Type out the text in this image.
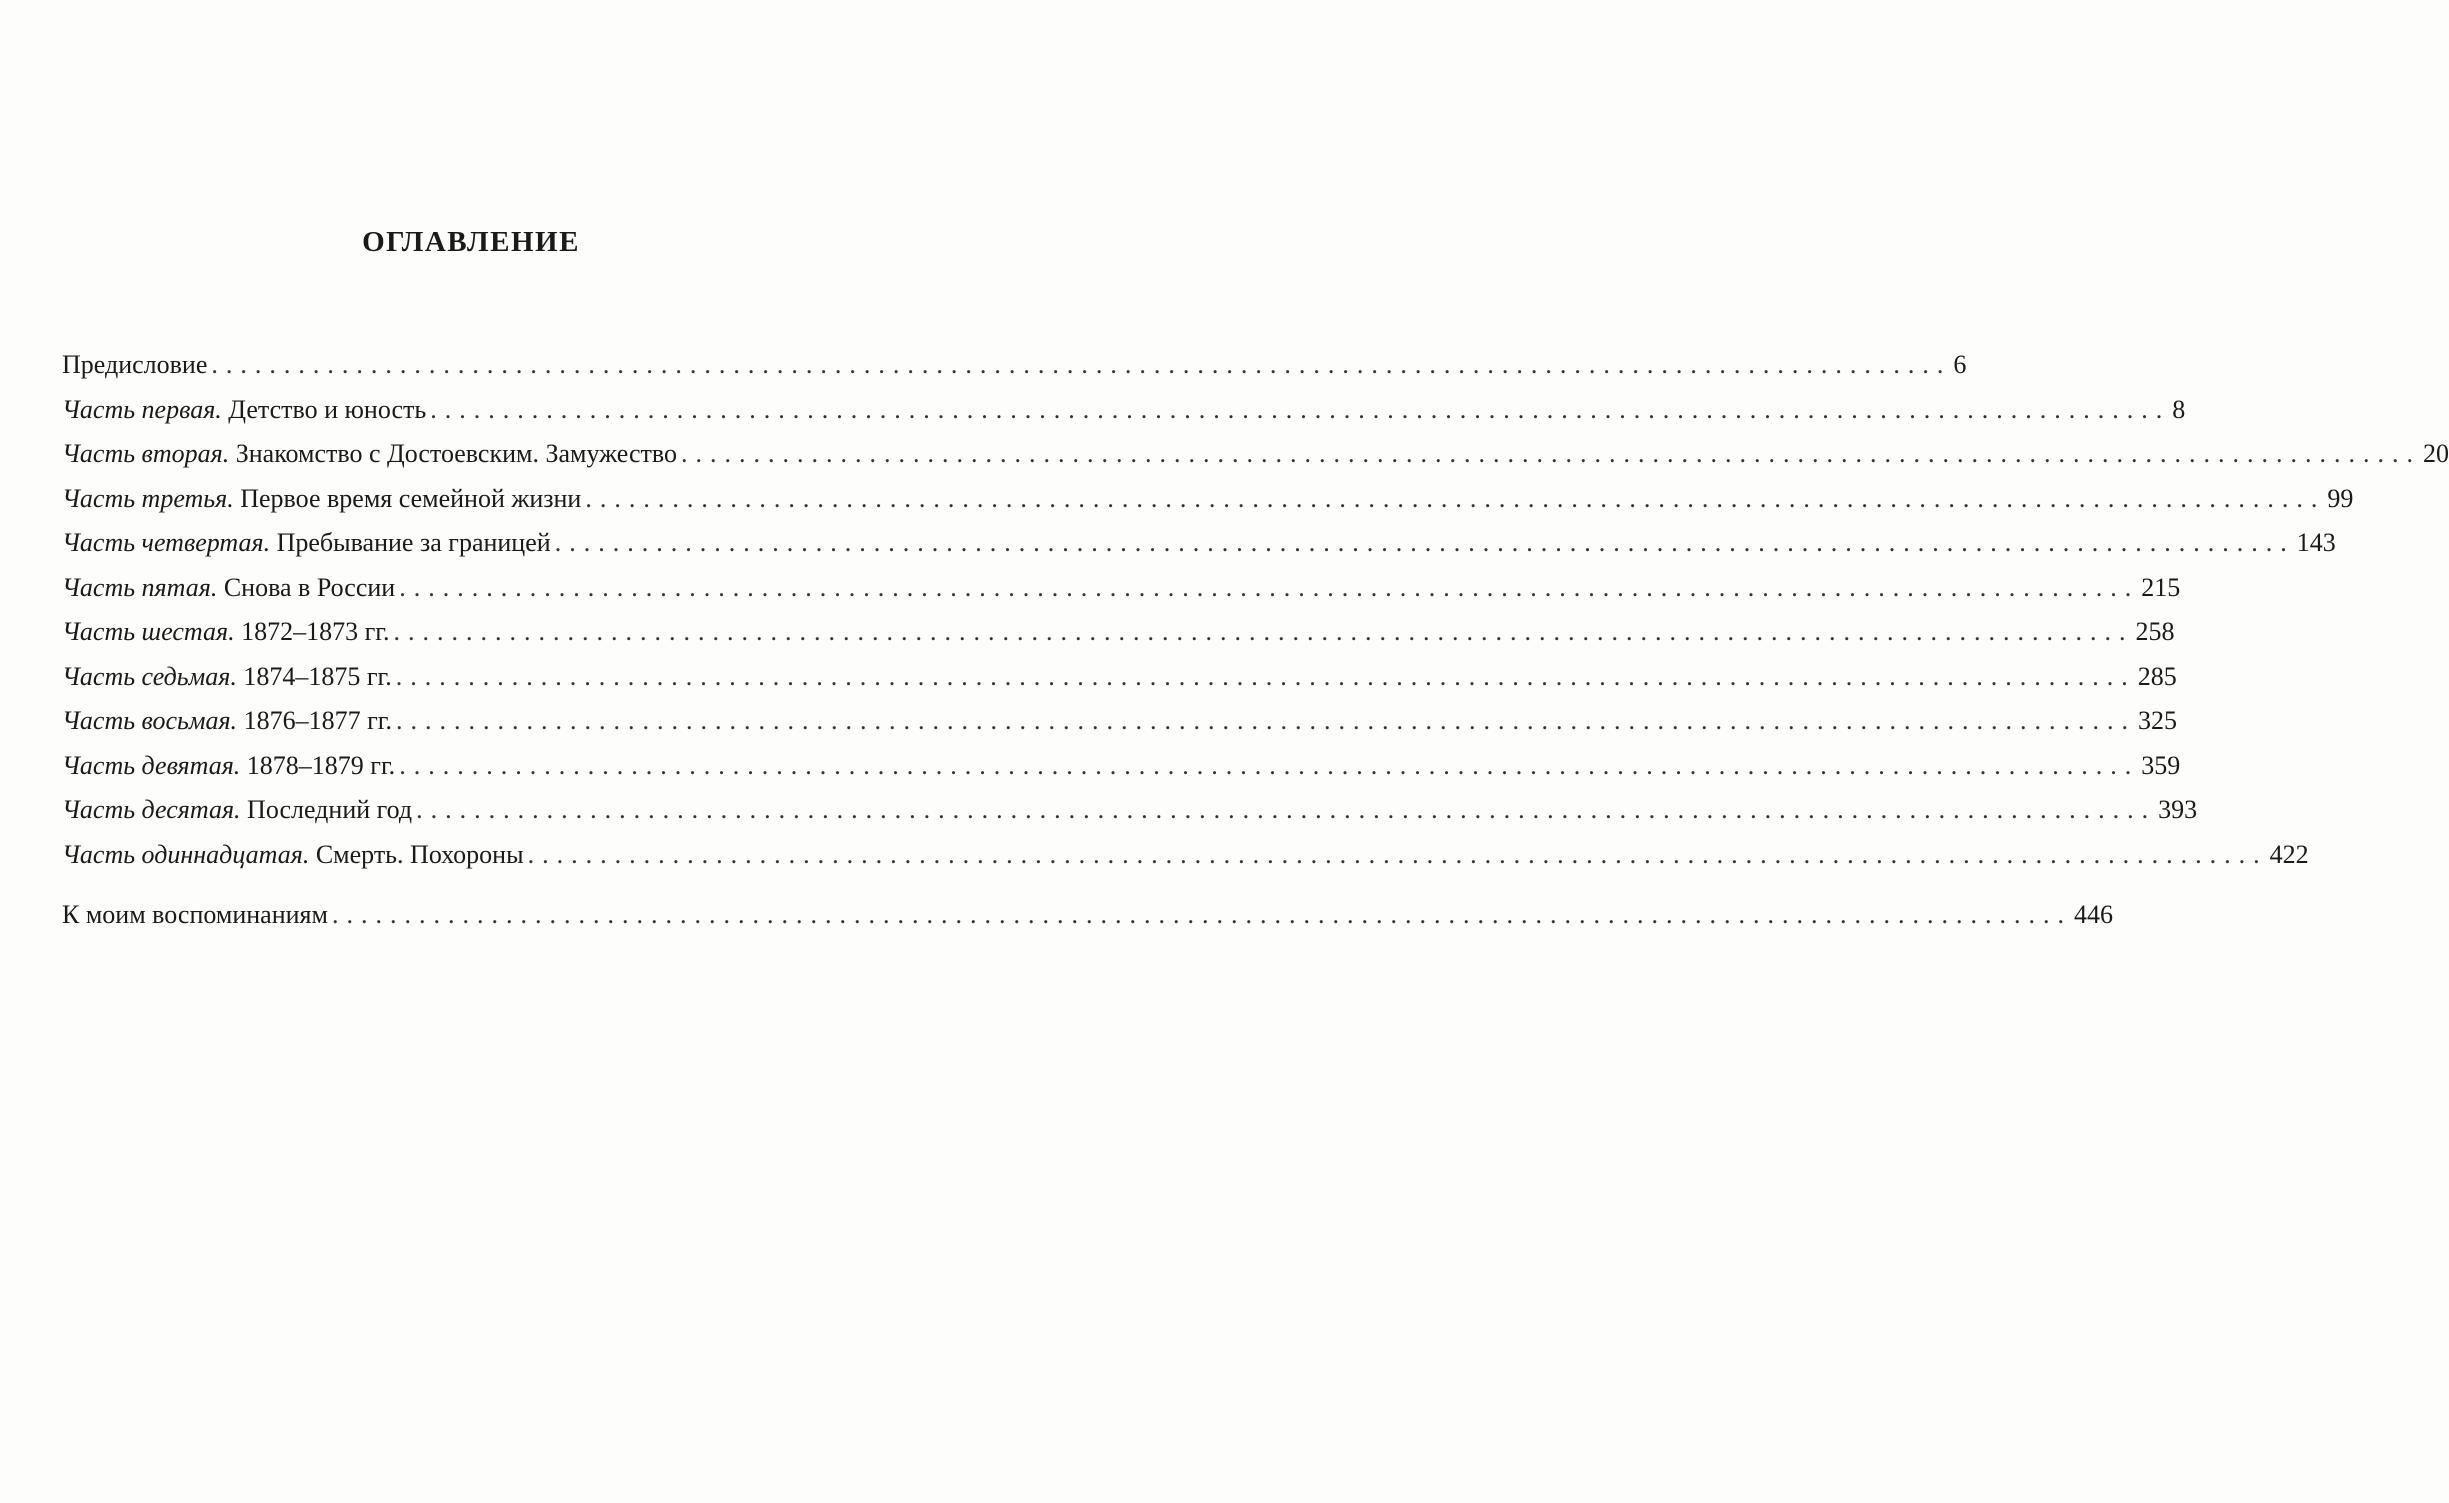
ОГЛАВЛЕНИЕ
Предисловие ........................................................................................................................ 6
Часть первая. Детство и юность ........................................................................................................................ 8
Часть вторая. Знакомство с Достоевским. Замужество ........................................................................................................................ 20
Часть третья. Первое время семейной жизни ........................................................................................................................ 99
Часть четвертая. Пребывание за границей ........................................................................................................................ 143
Часть пятая. Снова в России ........................................................................................................................ 215
Часть шестая. 1872–1873 гг. ........................................................................................................................ 258
Часть седьмая. 1874–1875 гг. ........................................................................................................................ 285
Часть восьмая. 1876–1877 гг. ........................................................................................................................ 325
Часть девятая. 1878–1879 гг. ........................................................................................................................ 359
Часть десятая. Последний год ........................................................................................................................ 393
Часть одиннадцатая. Смерть. Похороны ........................................................................................................................ 422
К моим воспоминаниям ........................................................................................................................ 446
